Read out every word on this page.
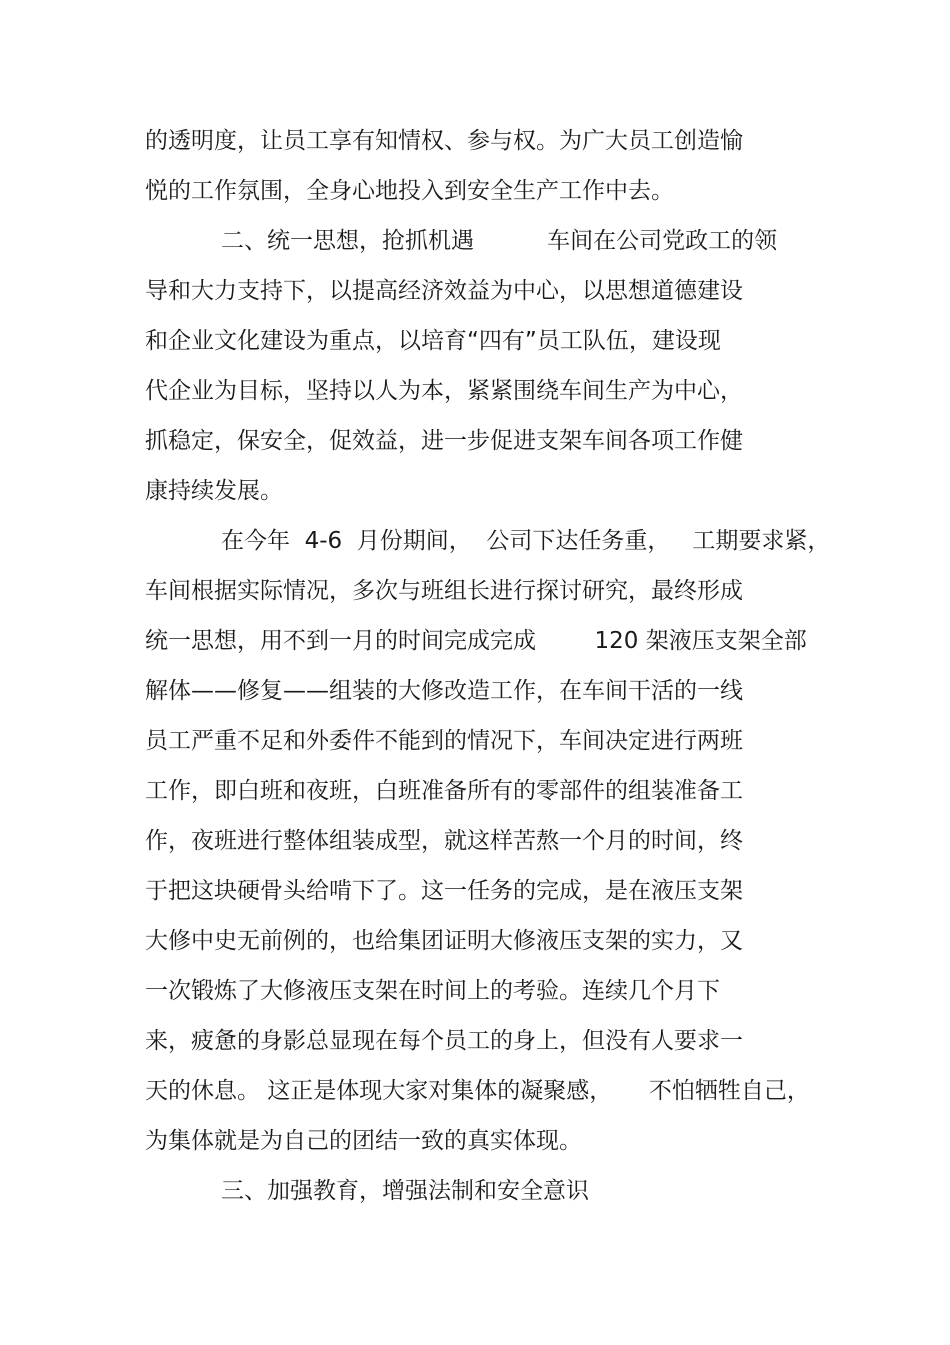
的透明度，让员工享有知情权、参与权。为广大员工创造愉
悦的工作氛围，全身心地投入到安全生产工作中去。
二、统一思想，抢抓机遇          车间在公司党政工的领
导和大力支持下，以提高经济效益为中心，以思想道德建设
和企业文化建设为重点，以培育“四有”员工队伍，建设现
代企业为目标，坚持以人为本，紧紧围绕车间生产为中心，
抓稳定，保安全，促效益，进一步促进支架车间各项工作健
康持续发展。
在今年  4-6  月份期间，  公司下达任务重，   工期要求紧，
车间根据实际情况，多次与班组长进行探讨研究，最终形成
统一思想，用不到一月的时间完成完成        120 架液压支架全部
解体——修复——组装的大修改造工作，在车间干活的一线
员工严重不足和外委件不能到的情况下，车间决定进行两班
工作，即白班和夜班，白班准备所有的零部件的组装准备工
作，夜班进行整体组装成型，就这样苦熬一个月的时间，终
于把这块硬骨头给啃下了。这一任务的完成，是在液压支架
大修中史无前例的，也给集团证明大修液压支架的实力，又
一次锻炼了大修液压支架在时间上的考验。连续几个月下
来，疲惫的身影总显现在每个员工的身上，但没有人要求一
天的休息。 这正是体现大家对集体的凝聚感，     不怕牺牲自己，
为集体就是为自己的团结一致的真实体现。
三、加强教育，增强法制和安全意识
